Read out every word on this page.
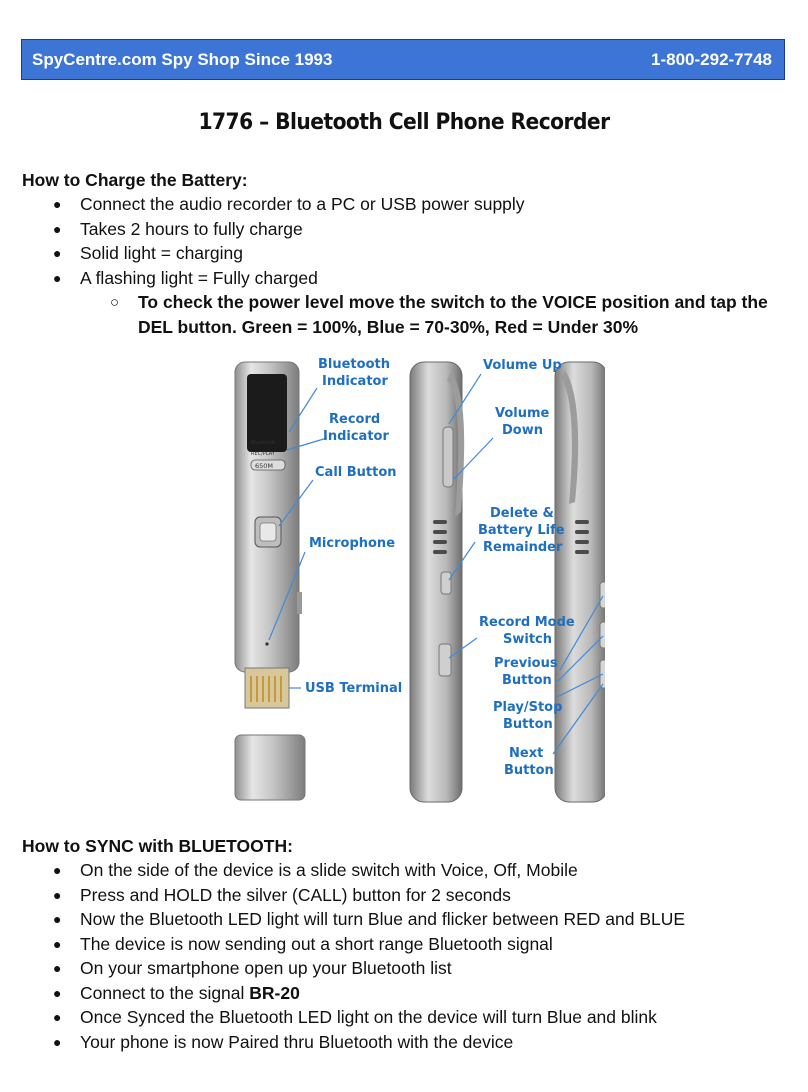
SpyCentre.com Spy Shop Since 1993	1-800-292-7748
1776 – Bluetooth Cell Phone Recorder
How to Charge the Battery:
● Connect the audio recorder to a PC or USB power supply
● Takes 2 hours to fully charge
● Solid light = charging
● A flashing light = Fully charged
○ To check the power level move the switch to the VOICE position and tap the DEL button. Green = 100%, Blue = 70-30%, Red = Under 30%
Bluetooth
REC/PLAY
650M
Bluetooth
Indicator
Record
Indicator
Call Button
Microphone
USB Terminal
Volume Up
Volume
Down
Delete &
Battery Life
Remainder
Record Mode
Switch
Previous
Button
Play/Stop
Button
Next
Button
How to SYNC with BLUETOOTH:
● On the side of the device is a slide switch with Voice, Off, Mobile
● Press and HOLD the silver (CALL) button for 2 seconds
● Now the Bluetooth LED light will turn Blue and flicker between RED and BLUE
● The device is now sending out a short range Bluetooth signal
● On your smartphone open up your Bluetooth list
● Connect to the signal BR-20
● Once Synced the Bluetooth LED light on the device will turn Blue and blink
● Your phone is now Paired thru Bluetooth with the device
